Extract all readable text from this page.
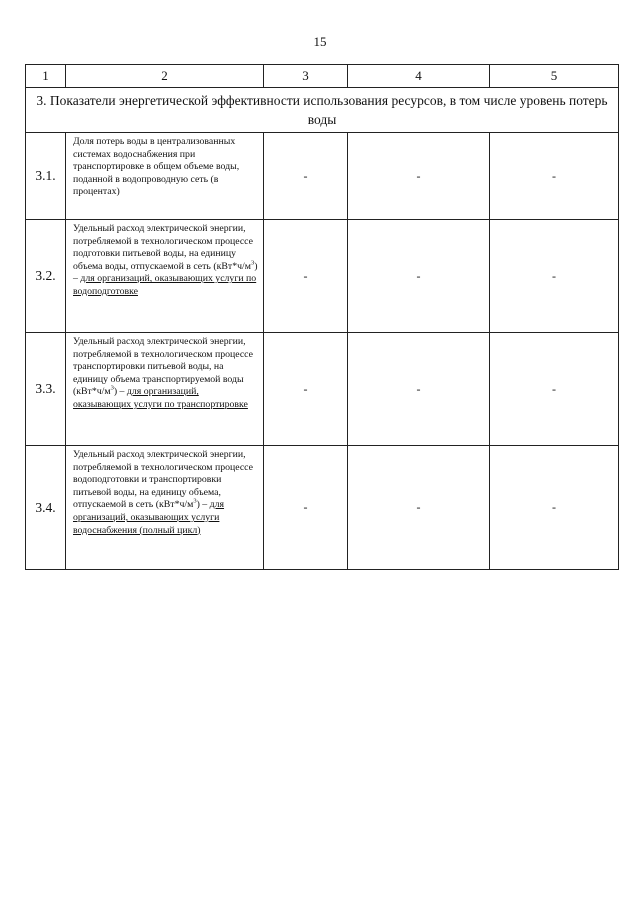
15
1	2	3	4	5
3. Показатели энергетической эффективности использования ресурсов, в том числе уровень потерь воды				
3.1.	Доля потерь воды в централизованных системах водоснабжения при транспортировке в общем объеме воды, поданной в водопроводную сеть (в процентах)	-	-	-
3.2.	Удельный расход электрической энергии, потребляемой в технологическом процессе подготовки питьевой воды, на единицу объема воды, отпускаемой в сеть $(кВт*ч/м^3)$ – для организаций, оказывающих услуги по водоподготовке	-	-	-
3.3.	Удельный расход электрической энергии, потребляемой в технологическом процессе транспортировки питьевой воды, на единицу объема транспортируемой воды $(кВт*ч/м^3)$ – для организаций, оказывающих услуги по транспортировке	-	-	-
3.4.	Удельный расход электрической энергии, потребляемой в технологическом процессе водоподготовки и транспортировки питьевой воды, на единицу объема, отпускаемой в сеть $(кВт*ч/м^3)$ – для организаций, оказывающих услуги водоснабжения (полный цикл)	-	-	-
